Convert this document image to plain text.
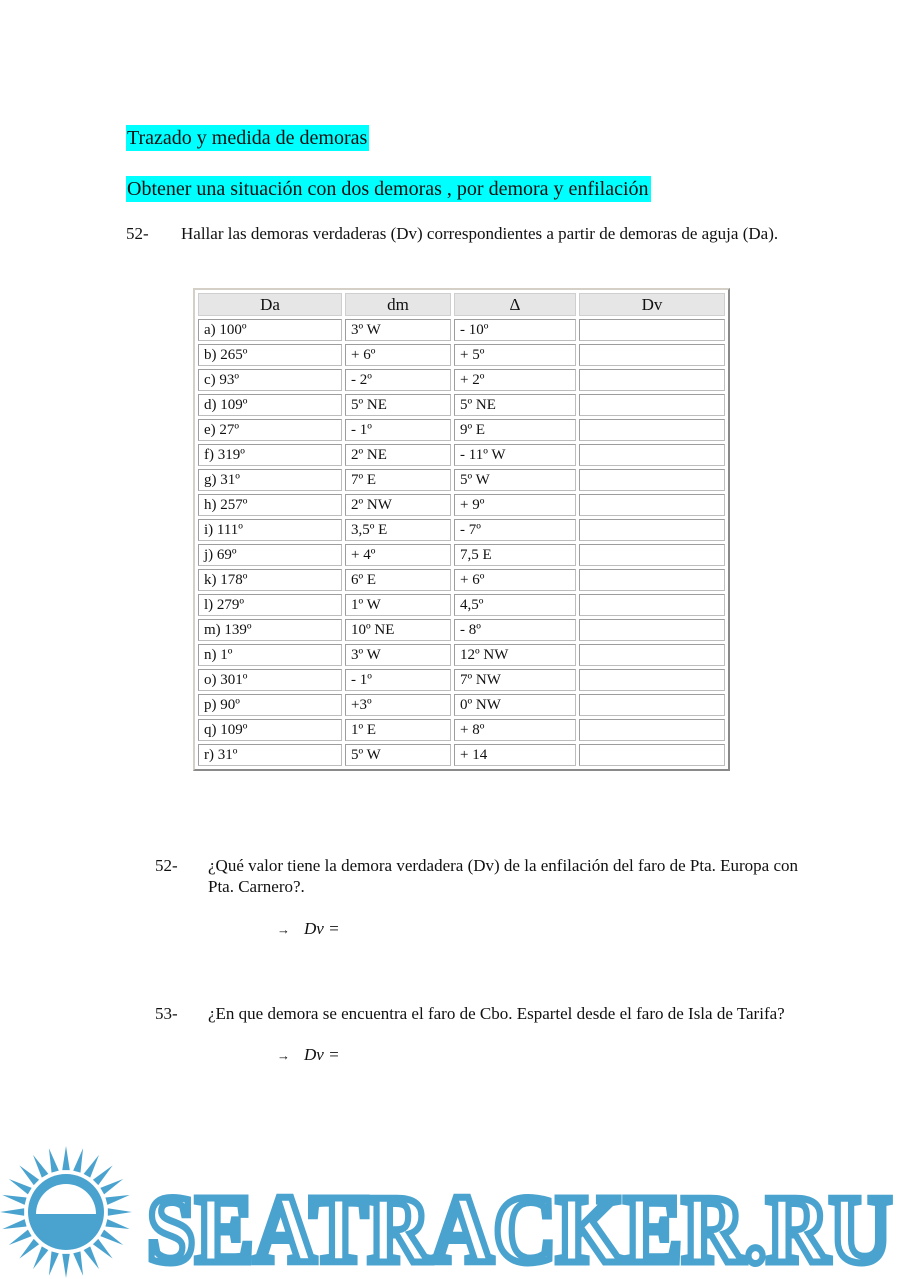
Trazado y medida de demoras
Obtener una situación con dos demoras , por demora y enfilación
52-	Hallar las demoras verdaderas (Dv) correspondientes a partir de demoras de aguja (Da).
Da	dm	Δ	Dv
a) 100º	3º W	- 10º	
b) 265º	+ 6º	+ 5º	
c) 93º	- 2º	+ 2º	
d) 109º	5º NE	5º NE	
e) 27º	- 1º	9º E	
f) 319º	2º NE	- 11º W	
g) 31º	7º E	5º W	
h) 257º	2º NW	+ 9º	
i) 111º	3,5º E	- 7º	
j) 69º	+ 4º	7,5 E	
k) 178º	6º E	+ 6º	
l) 279º	1º W	4,5º	
m) 139º	10º NE	- 8º	
n) 1º	3º W	12º NW	
o) 301º	- 1º	7º NW	
p) 90º	+3º	0º NW	
q) 109º	1º E	+ 8º	
r) 31º	5º W	+ 14	
52- ¿Qué valor tiene la demora verdadera (Dv) de la enfilación del faro de Pta. Europa con Pta. Carnero?.
→ Dv =
53- ¿En que demora se encuentra el faro de Cbo. Espartel desde el faro de Isla de Tarifa?
→ Dv =
SEATRACKER.RU
